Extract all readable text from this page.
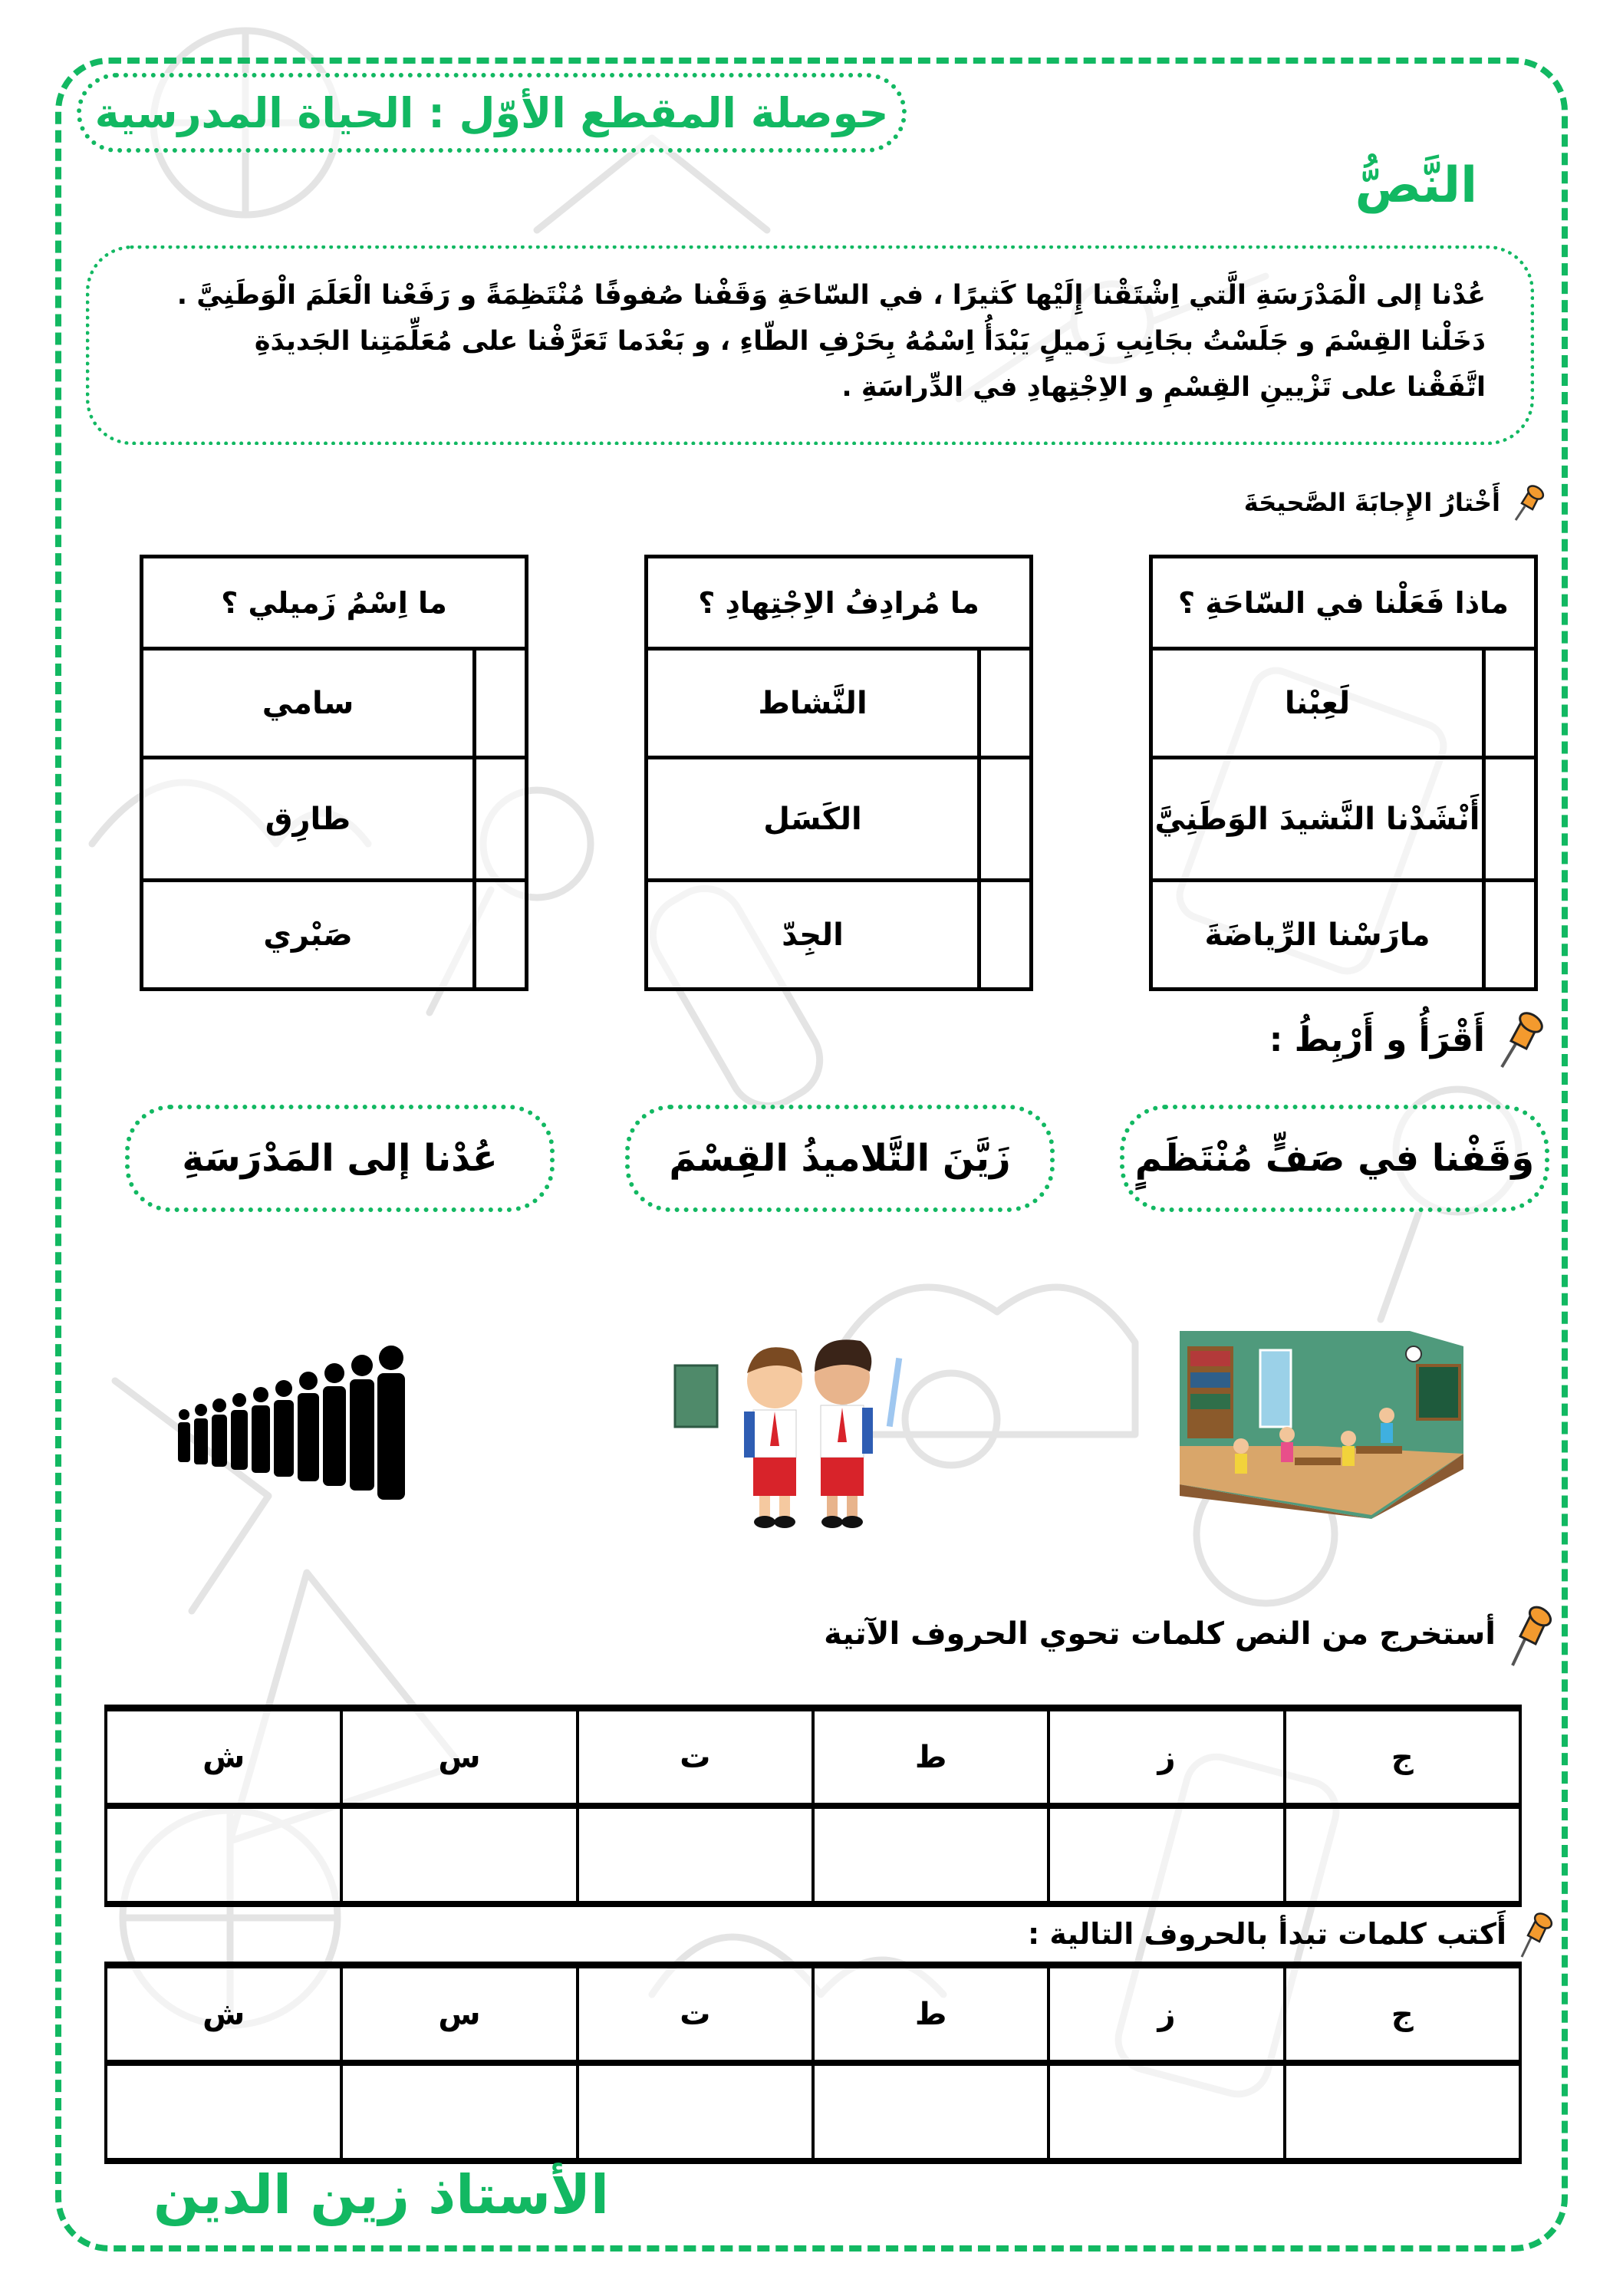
حوصلة المقطع الأوّل : الحياة المدرسية
النَّصُّ

عُدْنا إلى الْمَدْرَسَةِ الَّتي اِشْتَقْنا إِلَيْها كَثيرًا ، في السّاحَةِ وَقَفْنا صُفوفًا مُنْتَظِمَةً و رَفَعْنا الْعَلَمَ الْوَطَنِيَّ .

دَخَلْنا القِسْمَ و جَلَسْتُ بجَانِبِ زَميلٍ يَبْدَأُ اِسْمُهُ بِحَرْفِ الطّاءِ ، و بَعْدَما تَعَرَّفْنا على مُعَلِّمَتِنا الجَديدَةِ

اتَّفَقْنا على تَزْيينِ القِسْمِ و الاِجْتِهادِ في الدِّراسَةِ .

أَخْتارُ الإِجابَةَ الصَّحيحَةَ
ماذا فَعَلْنا في السّاحَةِ ؟	
	لَعِبْنا
	أَنْشَدْنا النَّشيدَ الوَطَنِيَّ
	مارَسْنا الرِّياضَةَ
ما مُرادِفُ الاِجْتِهادِ ؟	
	النَّشاط
	الكَسَل
	الجِدّ
ما اِسْمُ زَميلي ؟	
	سامي
	طارِق
	صَبْري
أَقْرَأُ و أَرْبِطُ :
وَقَفْنا في صَفٍّ مُنْتَظَمٍ
زَيَّنَ التَّلاميذُ القِسْمَ
عُدْنا إلى المَدْرَسَةِ
أستخرج من النص كلمات تحوي الحروف الآتية
ج	ز	ط	ت	س	ش

أَكتب كلمات تبدأ بالحروف التالية :
ج	ز	ط	ت	س	ش

الأستاذ زين الدين
